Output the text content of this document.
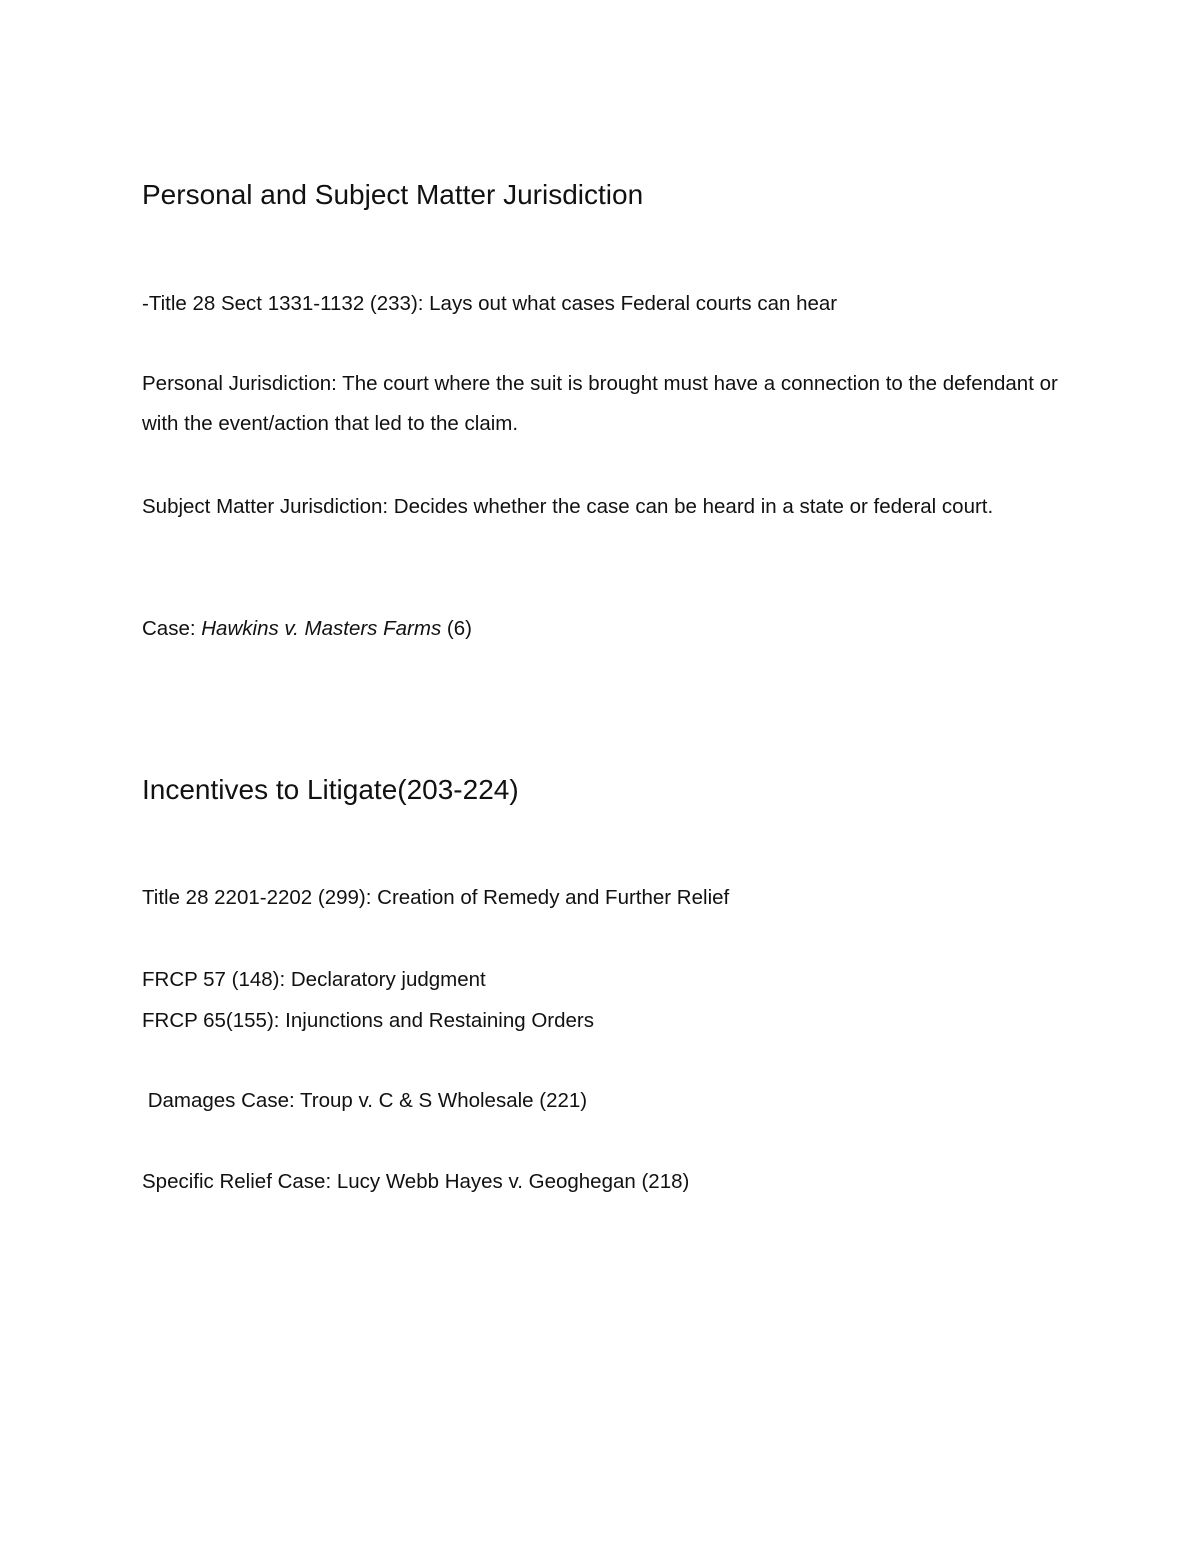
Personal and Subject Matter Jurisdiction

-Title 28 Sect 1331-1132 (233): Lays out what cases Federal courts can hear

Personal Jurisdiction: The court where the suit is brought must have a connection to the defendant or with the event/action that led to the claim.

Subject Matter Jurisdiction: Decides whether the case can be heard in a state or federal court.

Case: Hawkins v. Masters Farms (6)

Incentives to Litigate(203-224)

Title 28 2201-2202 (299): Creation of Remedy and Further Relief

FRCP 57 (148): Declaratory judgment

FRCP 65(155): Injunctions and Restaining Orders

Damages Case: Troup v. C & S Wholesale (221)

Specific Relief Case: Lucy Webb Hayes v. Geoghegan (218)
